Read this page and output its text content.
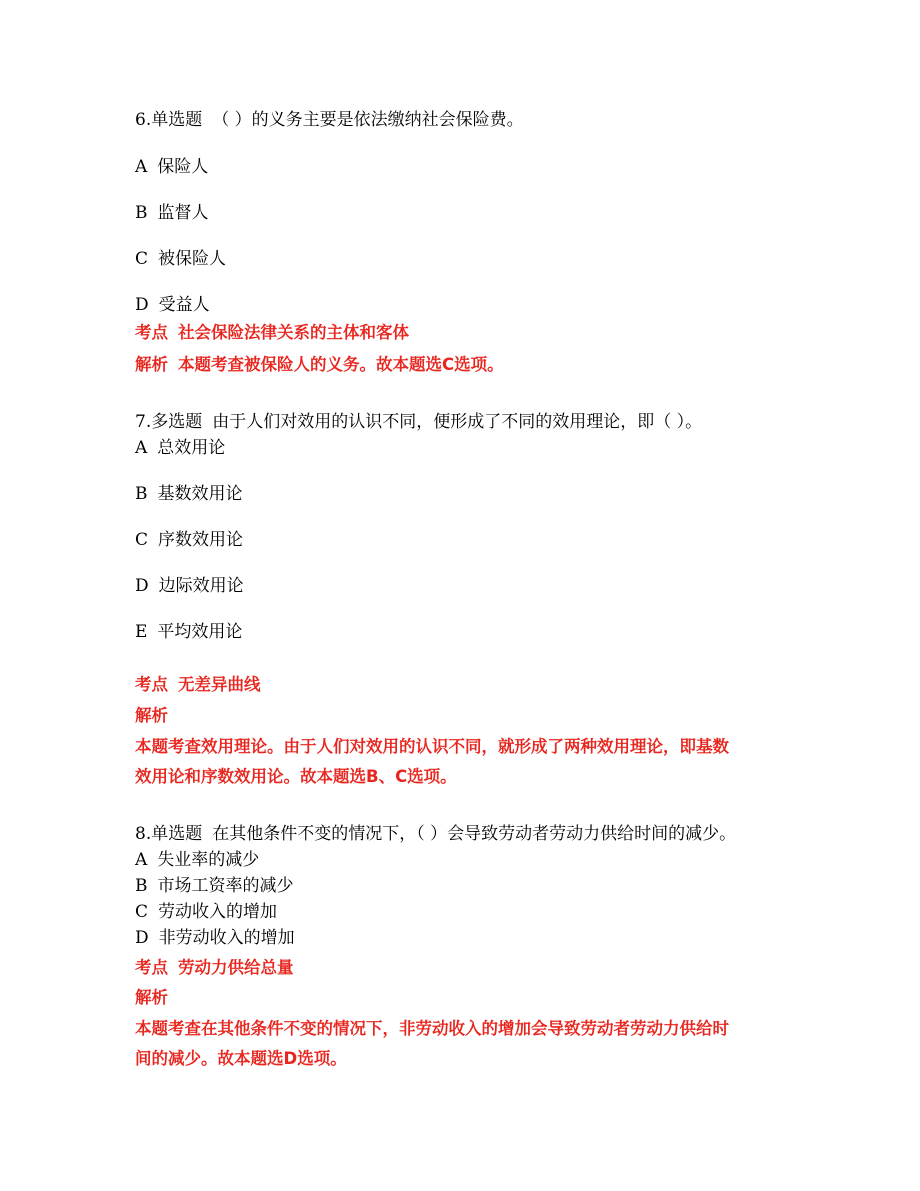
6.单选题 （ ）的义务主要是依法缴纳社会保险费。
A 保险人
B 监督人
C 被保险人
D 受益人
考点 社会保险法律关系的主体和客体
解析 本题考查被保险人的义务。故本题选C选项。
7.多选题 由于人们对效用的认识不同，便形成了不同的效用理论，即（ ）。
A 总效用论
B 基数效用论
C 序数效用论
D 边际效用论
E 平均效用论
考点 无差异曲线
解析
本题考查效用理论。由于人们对效用的认识不同，就形成了两种效用理论，即基数
效用论和序数效用论。故本题选B、C选项。
8.单选题 在其他条件不变的情况下，（ ）会导致劳动者劳动力供给时间的减少。
A 失业率的减少
B 市场工资率的减少
C 劳动收入的增加
D 非劳动收入的增加
考点 劳动力供给总量
解析
本题考查在其他条件不变的情况下，非劳动收入的增加会导致劳动者劳动力供给时
间的减少。故本题选D选项。
